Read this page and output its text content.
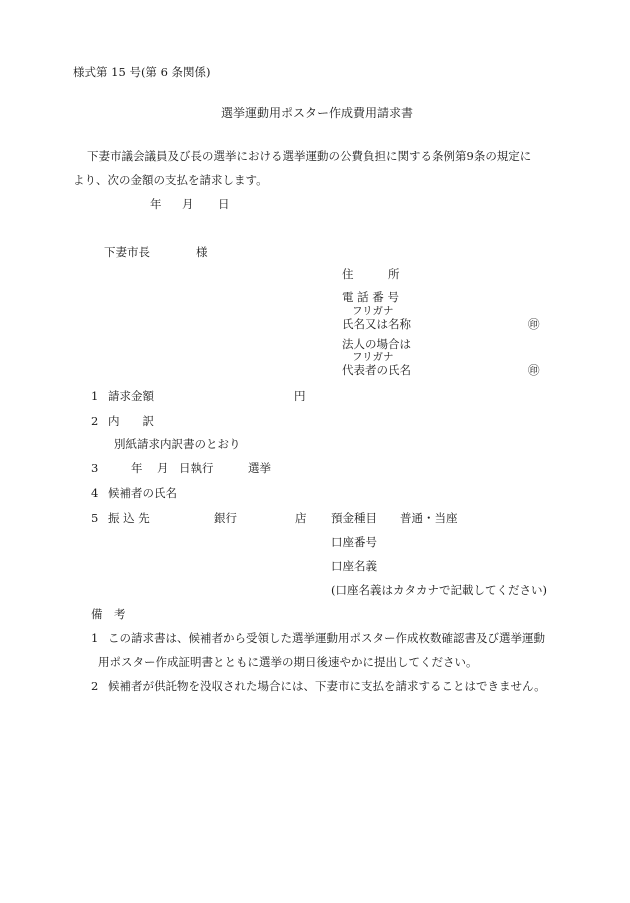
様式第 15 号(第 6 条関係)
選挙運動用ポスター作成費用請求書
下妻市議会議員及び長の選挙における選挙運動の公費負担に関する条例第9条の規定に
より、次の金額の支払を請求します。
年 月 日
下妻市長	様
住　　　所
電 話 番 号
フリガナ
氏名又は名称	㊞
法人の場合は
フリガナ
代表者の氏名	㊞
1 請求金額	円
2 内　　訳
別紙請求内訳書のとおり
3	年 月 日執行	選挙
4 候補者の氏名
5 振 込 先	銀行	店 預金種目 普通・当座
口座番号
口座名義
(口座名義はカタカナで記載してください)
備　考
1 この請求書は、候補者から受領した選挙運動用ポスター作成枚数確認書及び選挙運動
用ポスター作成証明書とともに選挙の期日後速やかに提出してください。
2 候補者が供託物を没収された場合には、下妻市に支払を請求することはできません。
